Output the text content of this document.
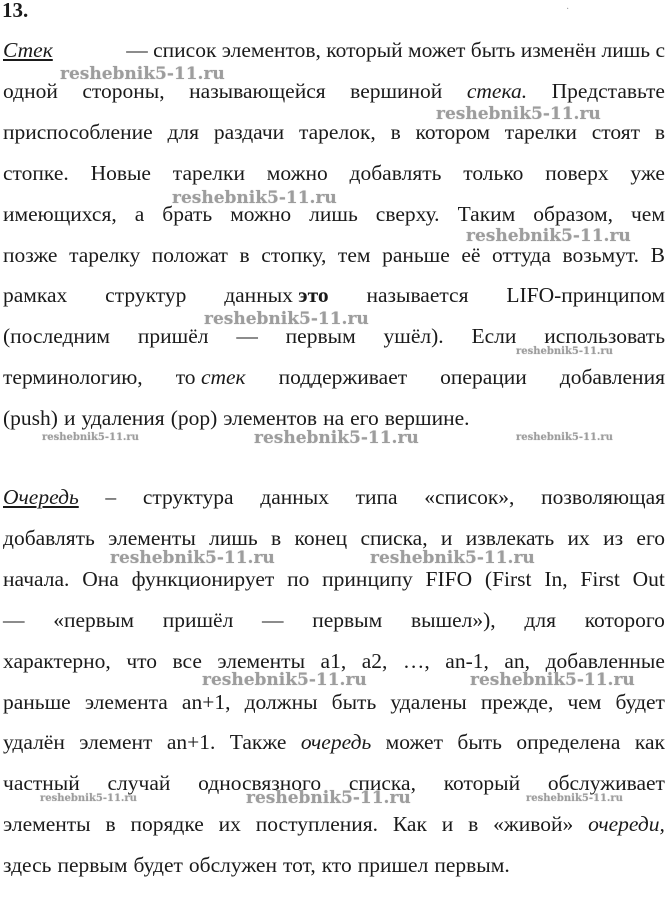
13.	·
Стек	— список элементов, который может быть изменён лишь с
одной стороны, называющейся вершиной стека. Представьте
приспособление для раздачи тарелок, в котором тарелки стоят в
стопке. Новые тарелки можно добавлять только поверх уже
имеющихся, а брать можно лишь сверху. Таким образом, чем
позже тарелку положат в стопку, тем раньше её оттуда возьмут. В
рамках структур данных это называется LIFO-принципом
(последним пришёл — первым ушёл). Если использовать
терминологию, то стек поддерживает операции добавления
(push) и удаления (pop) элементов на его вершине.
Очередь – структура данных типа «список», позволяющая
добавлять элементы лишь в конец списка, и извлекать их из его
начала. Она функционирует по принципу FIFO (First In, First Out
— «первым пришёл — первым вышел»), для которого
характерно, что все элементы a1, a2, …, an-1, an, добавленные
раньше элемента an+1, должны быть удалены прежде, чем будет
удалён элемент an+1. Также очередь может быть определена как
частный случай односвязного списка, который обслуживает
элементы в порядке их поступления. Как и в «живой» очереди,
здесь первым будет обслужен тот, кто пришел первым.
reshebnik5-11.ru
reshebnik5-11.ru
reshebnik5-11.ru
reshebnik5-11.ru
reshebnik5-11.ru
reshebnik5-11.ru
reshebnik5-11.ru	reshebnik5-11.ru	reshebnik5-11.ru
reshebnik5-11.ru	reshebnik5-11.ru
reshebnik5-11.ru	reshebnik5-11.ru
reshebnik5-11.ru	reshebnik5-11.ru	reshebnik5-11.ru
